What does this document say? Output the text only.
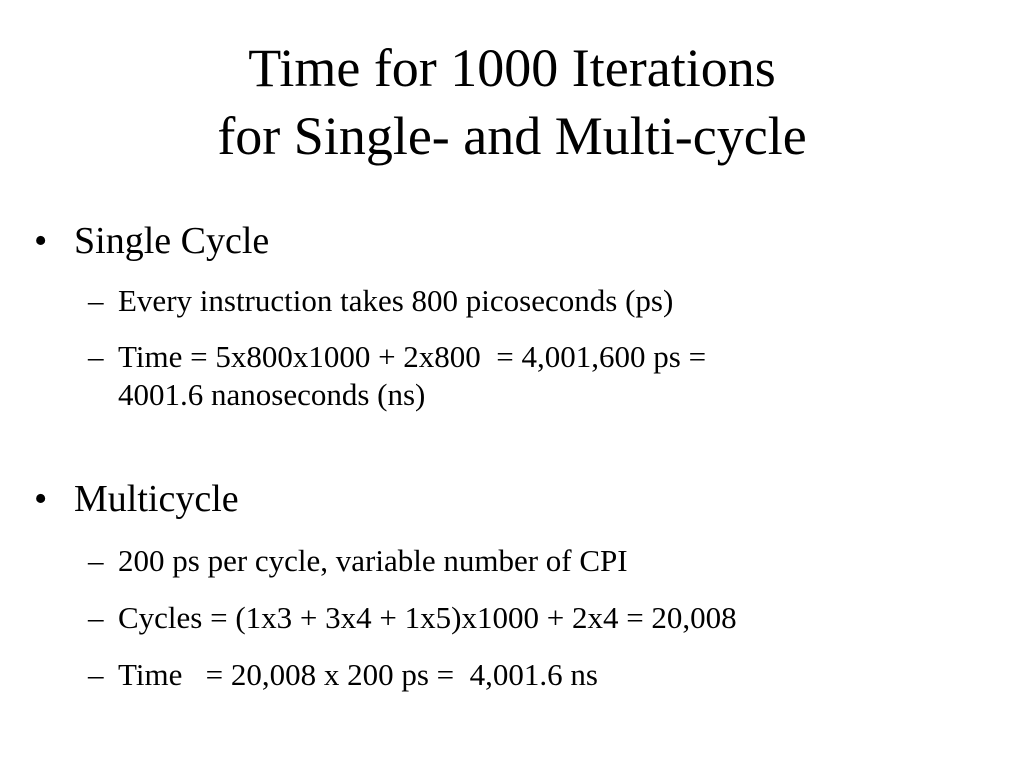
Time for 1000 Iterations
for Single- and Multi-cycle
• Single Cycle
– Every instruction takes 800 picoseconds (ps)
– Time = 5x800x1000 + 2x800  = 4,001,600 ps =
4001.6 nanoseconds (ns)
• Multicycle
– 200 ps per cycle, variable number of CPI
– Cycles = (1x3 + 3x4 + 1x5)x1000 + 2x4 = 20,008
– Time   = 20,008 x 200 ps =  4,001.6 ns
